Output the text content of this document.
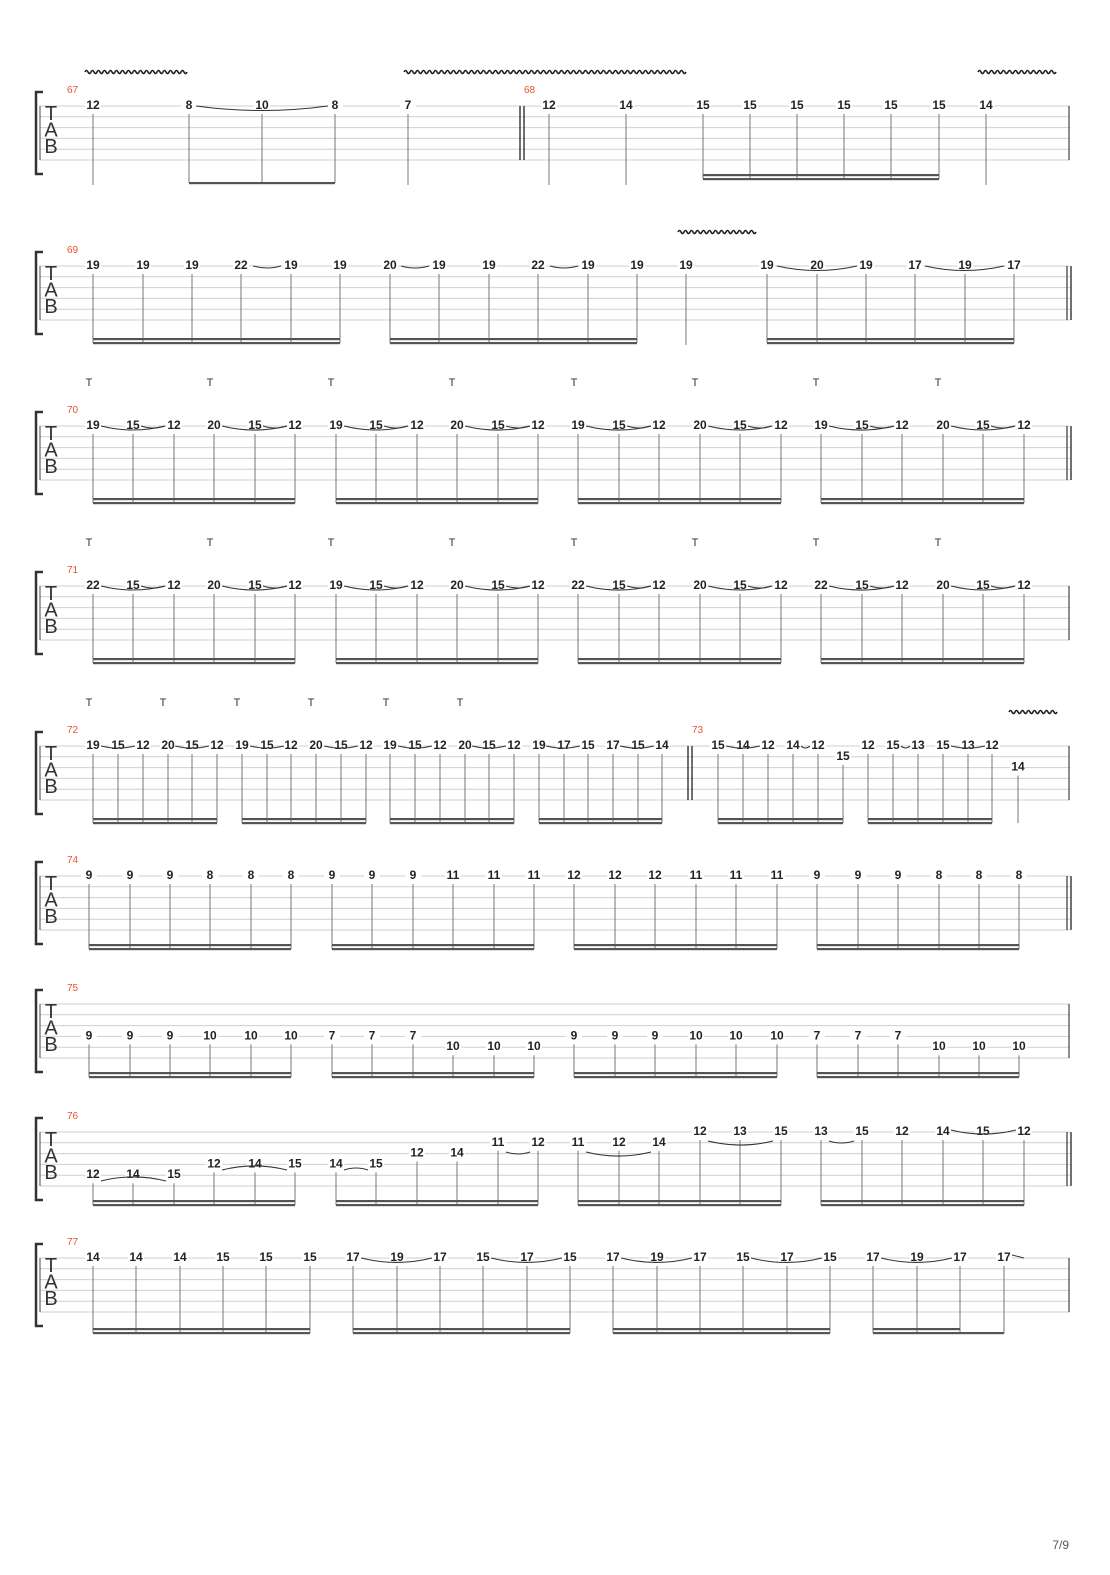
T
A
B
67	68
12	8	10	8	7	12	14	15	15	15	15	15	15	14
T
A
B
69
19	19	19	22	19	19	20	19	19	22	19	19	19	19	20	19	17	19	17
T
A
B
70
19 15 12 20 15 12 19 15 12 20 15 12 19 15 12 20 15 12 19 15 12 20 15 12
T	T	T	T	T	T	T	T
T
A
B
71
22 15 12 20 15 12 19 15 12 20 15 12 22 15 12 20 15 12 22 15 12 20 15 12
T	T	T	T	T	T	T	T
T
A
B
72	73
19 15 12 20 15 12 19 15 12 20 15 12 19 15 12 20 15 12 19 17 15 17 15 14	15 14 12 14 12
15
12 15 13 15 13 12
14
T	T	T	T	T	T
T
A
B
74
9	9	9	8	8	8	9	9	9	11 11 11 12 12 12 11 11 11	9	9	9	8	8	8
T
A
B
75
9	9	9 10 10 10	7	7	7
10 10 10
9	9	9	10 10 10 7	7	7
10 10 10
T
A
B
76
12 14 15
12 14 15 14 15
12 14
11 12 11 12 14
12 13 15 13 15 12 14 15 12
T
A
B
77
14 14	14 15 15	15 17	19 17 15	17 15 17	19 17 15	17 15 17	19 17	17
7/9
